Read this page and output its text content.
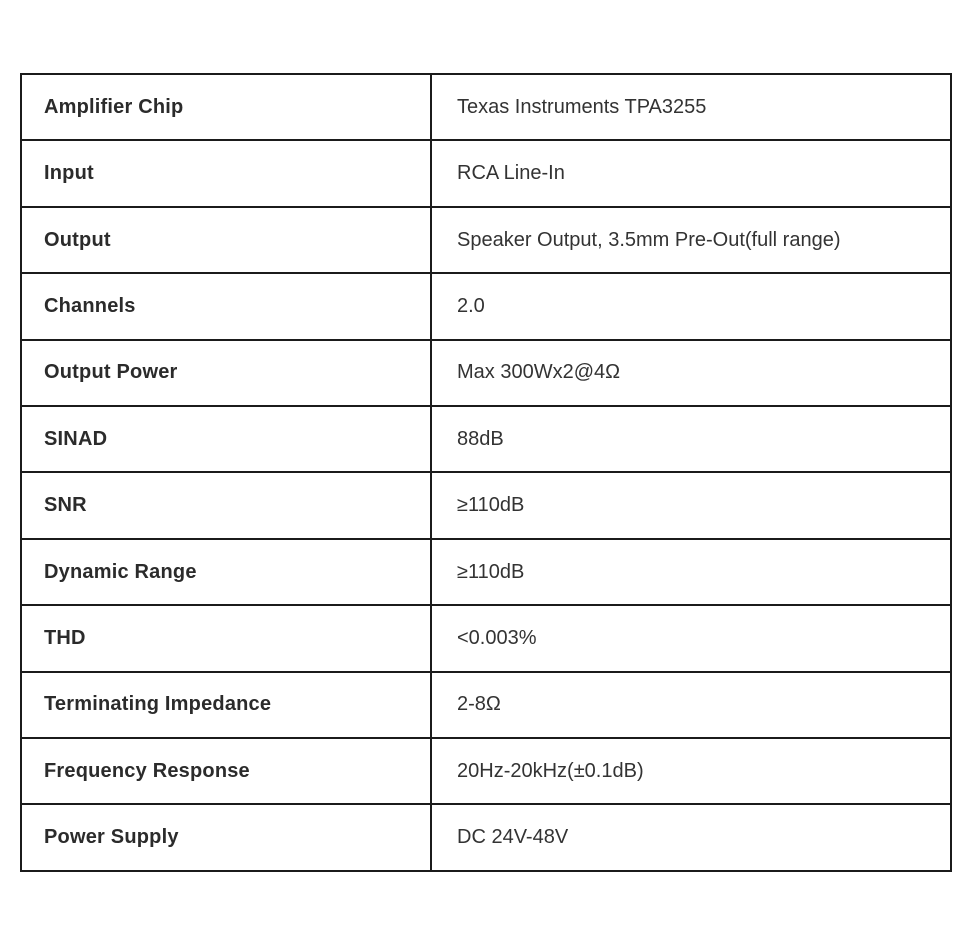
Amplifier Chip	Texas Instruments TPA3255
Input	RCA Line-In
Output	Speaker Output, 3.5mm Pre-Out(full range)
Channels	2.0
Output Power	Max 300Wx2@4Ω
SINAD	88dB
SNR	≥110dB
Dynamic Range	≥110dB
THD	<0.003%
Terminating Impedance	2-8Ω
Frequency Response	20Hz-20kHz(±0.1dB)
Power Supply	DC 24V-48V
